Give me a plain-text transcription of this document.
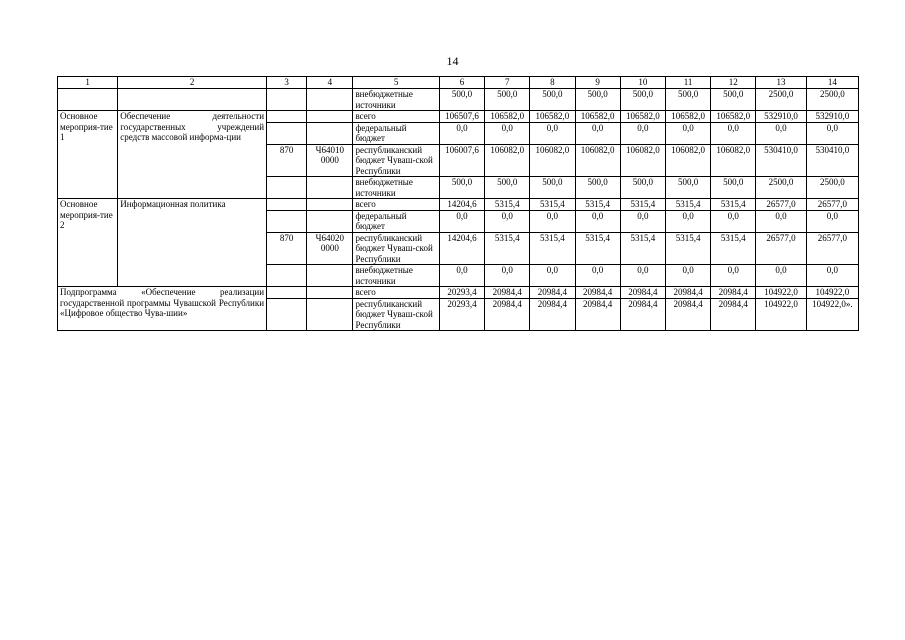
14
1	2	3	4	5	6	7	8	9	10	11	12	13	14
				внебюджетные источники	500,0	500,0	500,0	500,0	500,0	500,0	500,0	2500,0	2500,0
Основное мероприя-тие 1	Обеспечение деятельности государственных учреждений средств массовой информа-ции			всего	106507,6	106582,0	106582,0	106582,0	106582,0	106582,0	106582,0	532910,0	532910,0
				федеральный бюджет	0,0	0,0	0,0	0,0	0,0	0,0	0,0	0,0	0,0
		870	Ч64010 0000	республиканский бюджет Чуваш-ской Республики	106007,6	106082,0	106082,0	106082,0	106082,0	106082,0	106082,0	530410,0	530410,0
				внебюджетные источники	500,0	500,0	500,0	500,0	500,0	500,0	500,0	2500,0	2500,0
Основное мероприя-тие 2	Информационная политика			всего	14204,6	5315,4	5315,4	5315,4	5315,4	5315,4	5315,4	26577,0	26577,0
				федеральный бюджет	0,0	0,0	0,0	0,0	0,0	0,0	0,0	0,0	0,0
		870	Ч64020 0000	республиканский бюджет Чуваш-ской Республики	14204,6	5315,4	5315,4	5315,4	5315,4	5315,4	5315,4	26577,0	26577,0
				внебюджетные источники	0,0	0,0	0,0	0,0	0,0	0,0	0,0	0,0	0,0
Подпрограмма «Обеспечение реализации государственной программы Чувашской Республики «Цифровое общество Чува-шии»				всего	20293,4	20984,4	20984,4	20984,4	20984,4	20984,4	20984,4	104922,0	104922,0
				республиканский бюджет Чуваш-ской Республики	20293,4	20984,4	20984,4	20984,4	20984,4	20984,4	20984,4	104922,0	104922,0».
